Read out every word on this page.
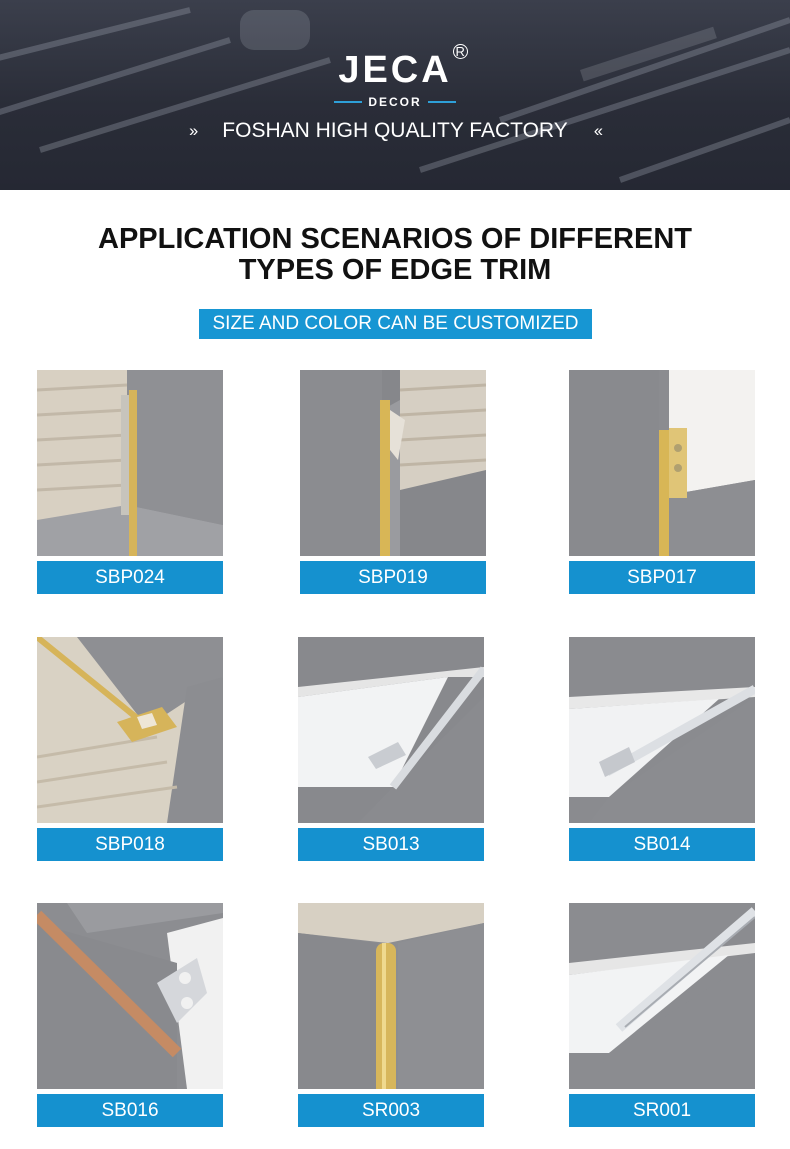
JECA R
DECOR
›› FOSHAN HIGH QUALITY FACTORY ‹‹
APPLICATION SCENARIOS OF DIFFERENT
TYPES OF EDGE TRIM
SIZE AND COLOR CAN BE CUSTOMIZED
SBP024	SBP019	SBP017
SBP018	SB013	SB014
SB016	SR003	SR001
